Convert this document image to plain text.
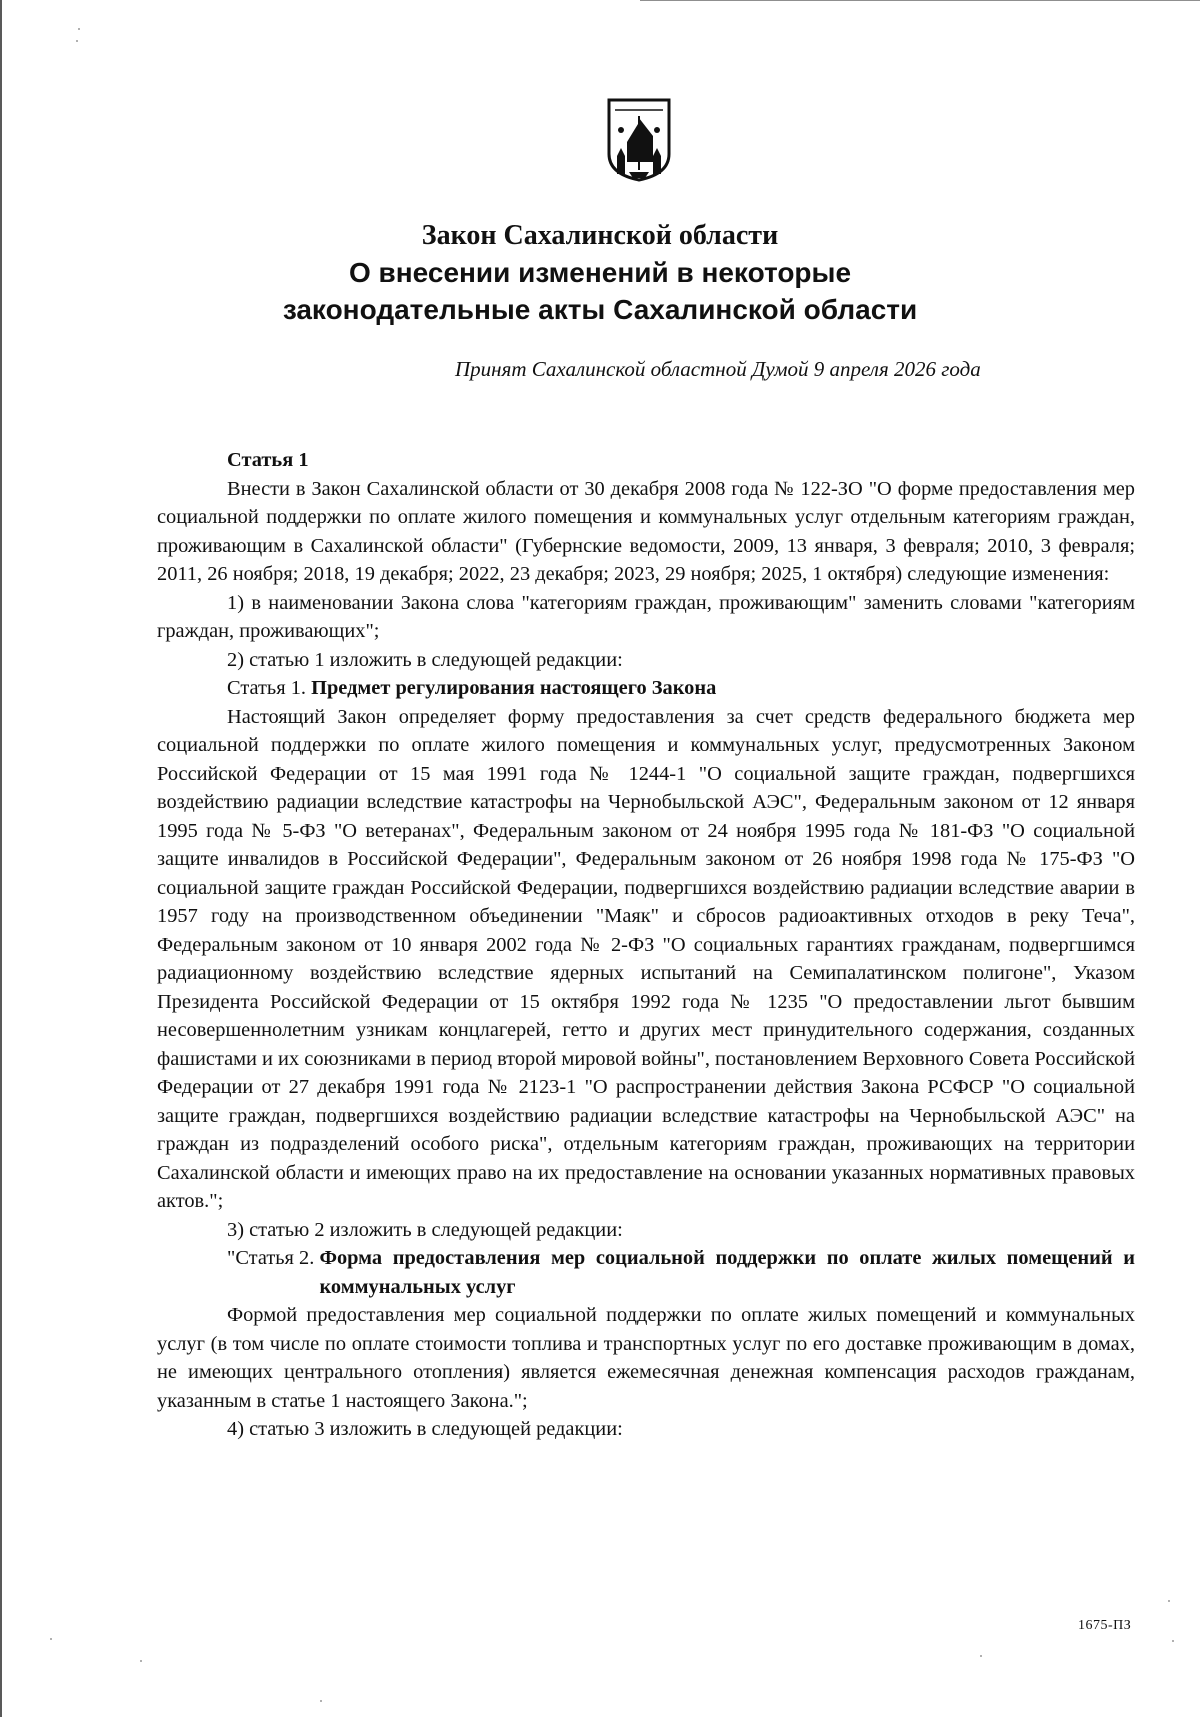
Закон Сахалинской области
О внесении изменений в некоторые
законодательные акты Сахалинской области
Принят Сахалинской областной Думой 9 апреля 2026 года

Статья 1

Внести в Закон Сахалинской области от 30 декабря 2008 года № 122-ЗО "О форме предоставления мер социальной поддержки по оплате жилого помещения и коммунальных услуг отдельным категориям граждан, проживающим в Сахалинской области" (Губернские ведомости, 2009, 13 января, 3 февраля; 2010, 3 февраля; 2011, 26 ноября; 2018, 19 декабря; 2022, 23 декабря; 2023, 29 ноября; 2025, 1 октября) следующие изменения:

1) в наименовании Закона слова "категориям граждан, проживающим" заменить словами "категориям граждан, проживающих";

2) статью 1 изложить в следующей редакции:

Статья 1. Предмет регулирования настоящего Закона

Настоящий Закон определяет форму предоставления за счет средств федерального бюджета мер социальной поддержки по оплате жилого помещения и коммунальных услуг, предусмотренных Законом Российской Федерации от 15 мая 1991 года № 1244-1 "О социальной защите граждан, подвергшихся воздействию радиации вследствие катастрофы на Чернобыльской АЭС", Федеральным законом от 12 января 1995 года № 5-ФЗ "О ветеранах", Федеральным законом от 24 ноября 1995 года № 181-ФЗ "О социальной защите инвалидов в Российской Федерации", Федеральным законом от 26 ноября 1998 года № 175-ФЗ "О социальной защите граждан Российской Федерации, подвергшихся воздействию радиации вследствие аварии в 1957 году на производственном объединении "Маяк" и сбросов радиоактивных отходов в реку Теча", Федеральным законом от 10 января 2002 года № 2-ФЗ "О социальных гарантиях гражданам, подвергшимся радиационному воздействию вследствие ядерных испытаний на Семипалатинском полигоне", Указом Президента Российской Федерации от 15 октября 1992 года № 1235 "О предоставлении льгот бывшим несовершеннолетним узникам концлагерей, гетто и других мест принудительного содержания, созданных фашистами и их союзниками в период второй мировой войны", постановлением Верховного Совета Российской Федерации от 27 декабря 1991 года № 2123-1 "О распространении действия Закона РСФСР "О социальной защите граждан, подвергшихся воздействию радиации вследствие катастрофы на Чернобыльской АЭС" на граждан из подразделений особого риска", отдельным категориям граждан, проживающих на территории Сахалинской области и имеющих право на их предоставление на основании указанных нормативных правовых актов.";

3) статью 2 изложить в следующей редакции:

"Статья 2. Форма предоставления мер социальной поддержки по оплате жилых помещений и коммунальных услуг

Формой предоставления мер социальной поддержки по оплате жилых помещений и коммунальных услуг (в том числе по оплате стоимости топлива и транспортных услуг по его доставке проживающим в домах, не имеющих центрального отопления) является ежемесячная денежная компенсация расходов гражданам, указанным в статье 1 настоящего Закона.";

4) статью 3 изложить в следующей редакции:

1675-ПЗ
